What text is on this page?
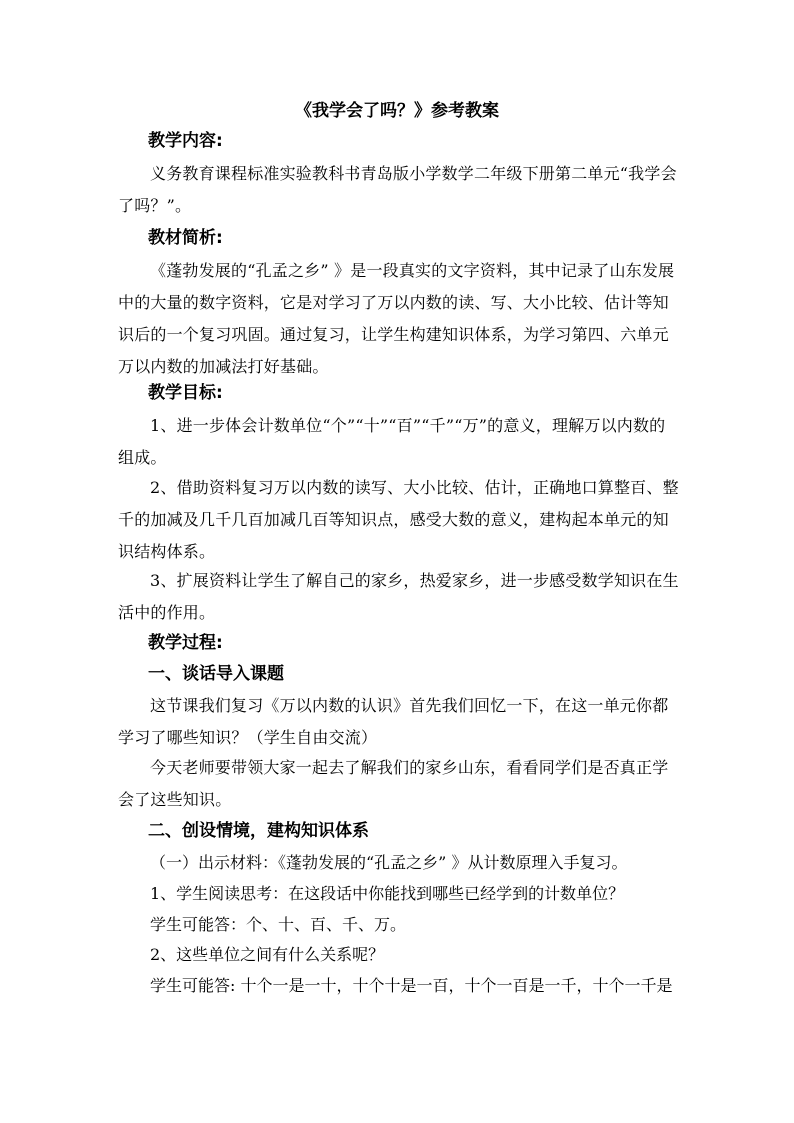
《我学会了吗？》参考教案
教学内容:
义务教育课程标准实验教科书青岛版小学数学二年级下册第二单元“我学会了吗？”。
教材简析:
《蓬勃发展的“孔孟之乡” 》是一段真实的文字资料，其中记录了山东发展中的大量的数字资料，它是对学习了万以内数的读、写、大小比较、估计等知识后的一个复习巩固。通过复习，让学生构建知识体系，为学习第四、六单元万以内数的加减法打好基础。
教学目标:
1、进一步体会计数单位“个”“十”“百”“千”“万”的意义，理解万以内数的组成。
2、借助资料复习万以内数的读写、大小比较、估计，正确地口算整百、整千的加减及几千几百加减几百等知识点，感受大数的意义，建构起本单元的知识结构体系。
3、扩展资料让学生了解自己的家乡，热爱家乡，进一步感受数学知识在生活中的作用。
教学过程:
一、谈话导入课题
这节课我们复习《万以内数的认识》首先我们回忆一下，在这一单元你都学习了哪些知识？（学生自由交流）
今天老师要带领大家一起去了解我们的家乡山东，看看同学们是否真正学会了这些知识。
二、创设情境，建构知识体系
（一）出示材料：《蓬勃发展的“孔孟之乡” 》从计数原理入手复习。
1、学生阅读思考：在这段话中你能找到哪些已经学到的计数单位？
学生可能答：个、十、百、千、万。
2、这些单位之间有什么关系呢？
学生可能答: 十个一是一十，十个十是一百，十个一百是一千，十个一千是
